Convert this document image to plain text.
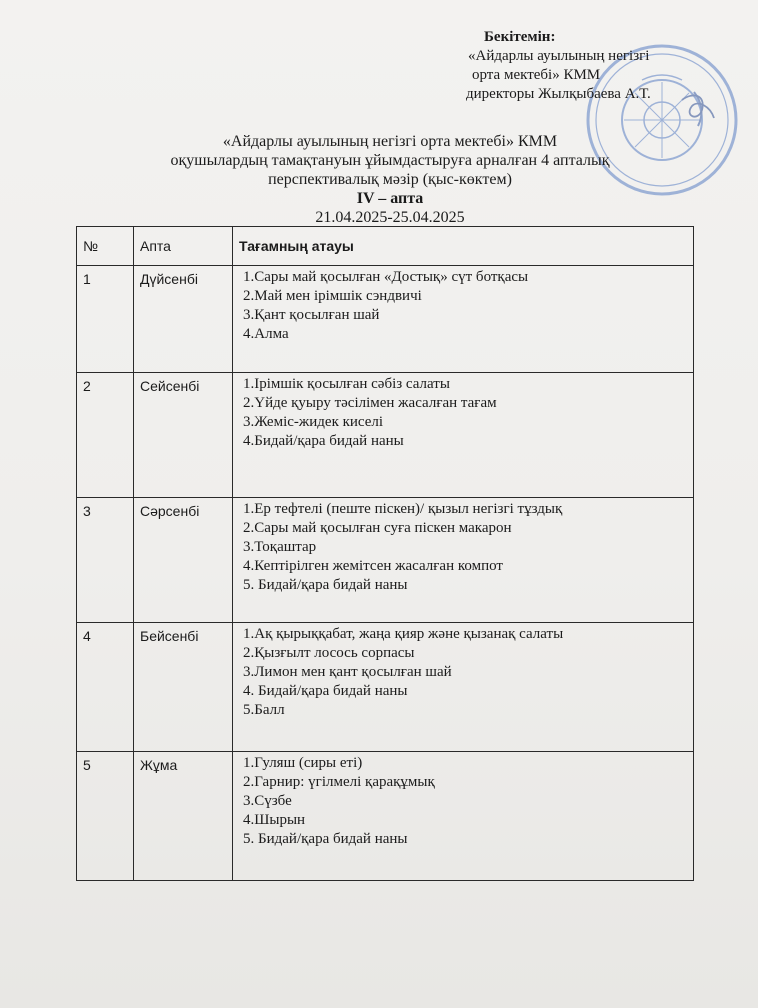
Бекітемін:
«Айдарлы ауылының негізгі
орта мектебі» КММ
директоры Жылқыбаева А.Т.
«Айдарлы ауылының негізгі орта мектебі» КММ
оқушылардың тамақтануын ұйымдастыруға арналған 4 апталық
перспективалық мәзір (қыс-көктем)
IV – апта
21.04.2025-25.04.2025
№	Апта	Тағамның атауы
1	Дүйсенбі	1.Сары май қосылған «Достық» сүт ботқасы
2.Май мен ірімшік сэндвичі
3.Қант қосылған шай
4.Алма

2	Сейсенбі	1.Ірімшік қосылған сәбіз салаты
2.Үйде қуыру тәсілімен жасалған тағам
3.Жеміс-жидек киселі
4.Бидай/қара бидай наны

3	Сәрсенбі	1.Ер тефтелі (пеште піскен)/ қызыл негізгі тұздық
2.Сары май қосылған суға піскен макарон
3.Тоқаштар
4.Кептірілген жемітсен жасалған компот
5. Бидай/қара бидай наны

4	Бейсенбі	1.Ақ қырыққабат, жаңа қияр және қызанақ салаты
2.Қызғылт лосось сорпасы
3.Лимон мен қант қосылған шай
4. Бидай/қара бидай наны
5.Балл

5	Жұма	1.Гуляш (сиры еті)
2.Гарнир: үгілмелі қарақұмық
3.Сүзбе
4.Шырын
5. Бидай/қара бидай наны
